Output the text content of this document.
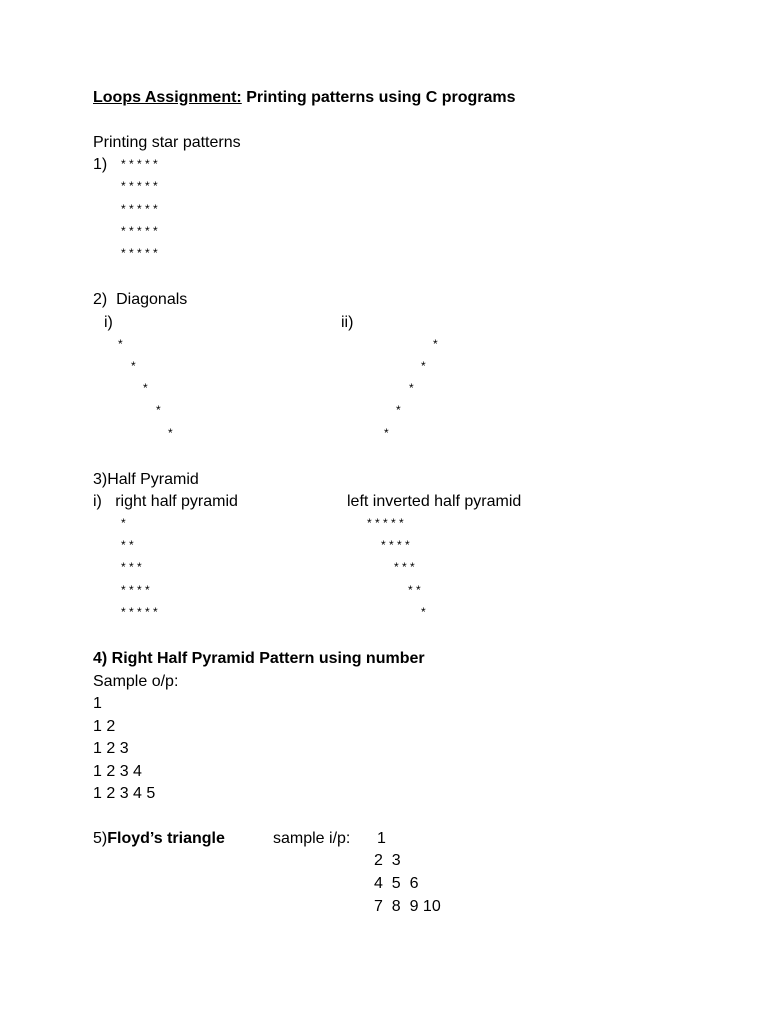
Loops Assignment: Printing patterns using C programs
Printing star patterns
1) * * * * *
* * * * *
* * * * *
* * * * *
* * * * *
2)  Diagonals
i)	ii)
*
*
*
*
*
*
*
*
*
*
3)Half Pyramid
i)   right half pyramid	left inverted half pyramid
*
* *
* * *
* * * *
* * * * *
* * * * *
* * * *
* * *
* *
*
4) Right Half Pyramid Pattern using number
Sample o/p:
1
1 2
1 2 3
1 2 3 4
1 2 3 4 5
5)Floyd’s triangle	sample i/p: 1
2  3
4  5  6
7  8  9 10
